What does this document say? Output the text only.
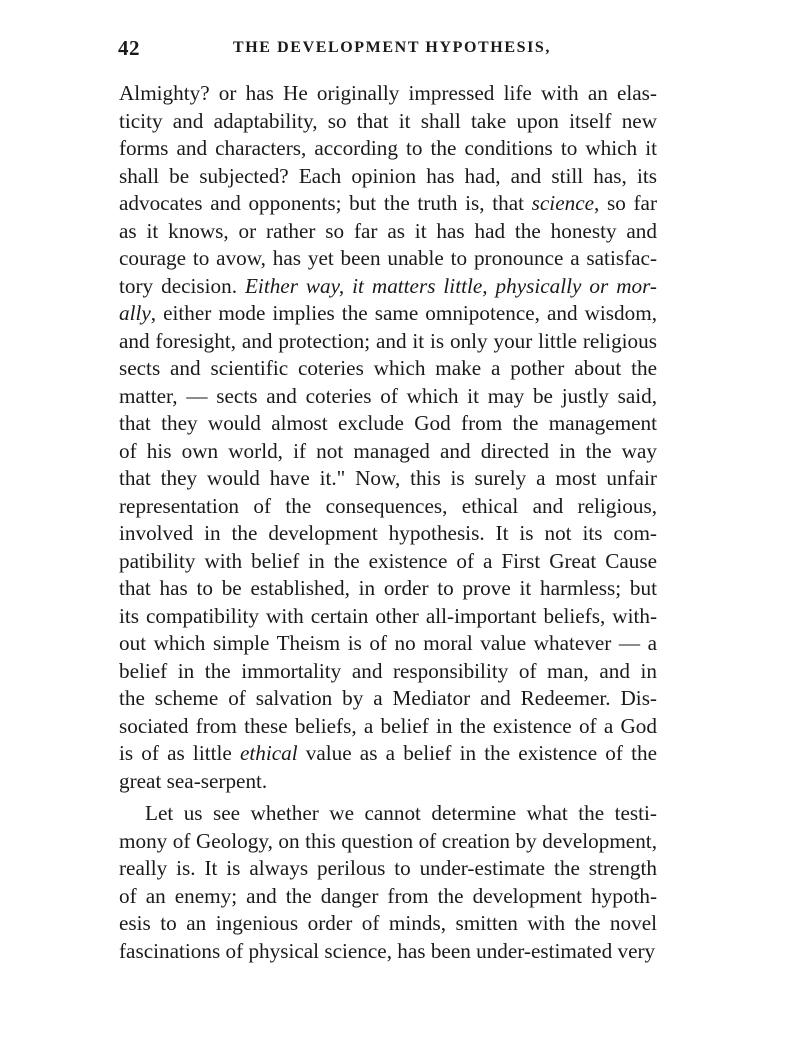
42	THE DEVELOPMENT HYPOTHESIS,
Almighty? or has He originally impressed life with an elas-
ticity and adaptability, so that it shall take upon itself new
forms and characters, according to the conditions to which it
shall be subjected? Each opinion has had, and still has, its
advocates and opponents; but the truth is, that science, so far
as it knows, or rather so far as it has had the honesty and
courage to avow, has yet been unable to pronounce a satisfac-
tory decision. Either way, it matters little, physically or mor-
ally, either mode implies the same omnipotence, and wisdom,
and foresight, and protection; and it is only your little religious
sects and scientific coteries which make a pother about the
matter, — sects and coteries of which it may be justly said,
that they would almost exclude God from the management
of his own world, if not managed and directed in the way
that they would have it." Now, this is surely a most unfair
representation of the consequences, ethical and religious,
involved in the development hypothesis. It is not its com-
patibility with belief in the existence of a First Great Cause
that has to be established, in order to prove it harmless; but
its compatibility with certain other all-important beliefs, with-
out which simple Theism is of no moral value whatever — a
belief in the immortality and responsibility of man, and in
the scheme of salvation by a Mediator and Redeemer. Dis-
sociated from these beliefs, a belief in the existence of a God
is of as little ethical value as a belief in the existence of the
great sea-serpent.
Let us see whether we cannot determine what the testi-
mony of Geology, on this question of creation by development,
really is. It is always perilous to under-estimate the strength
of an enemy; and the danger from the development hypoth-
esis to an ingenious order of minds, smitten with the novel
fascinations of physical science, has been under-estimated very
